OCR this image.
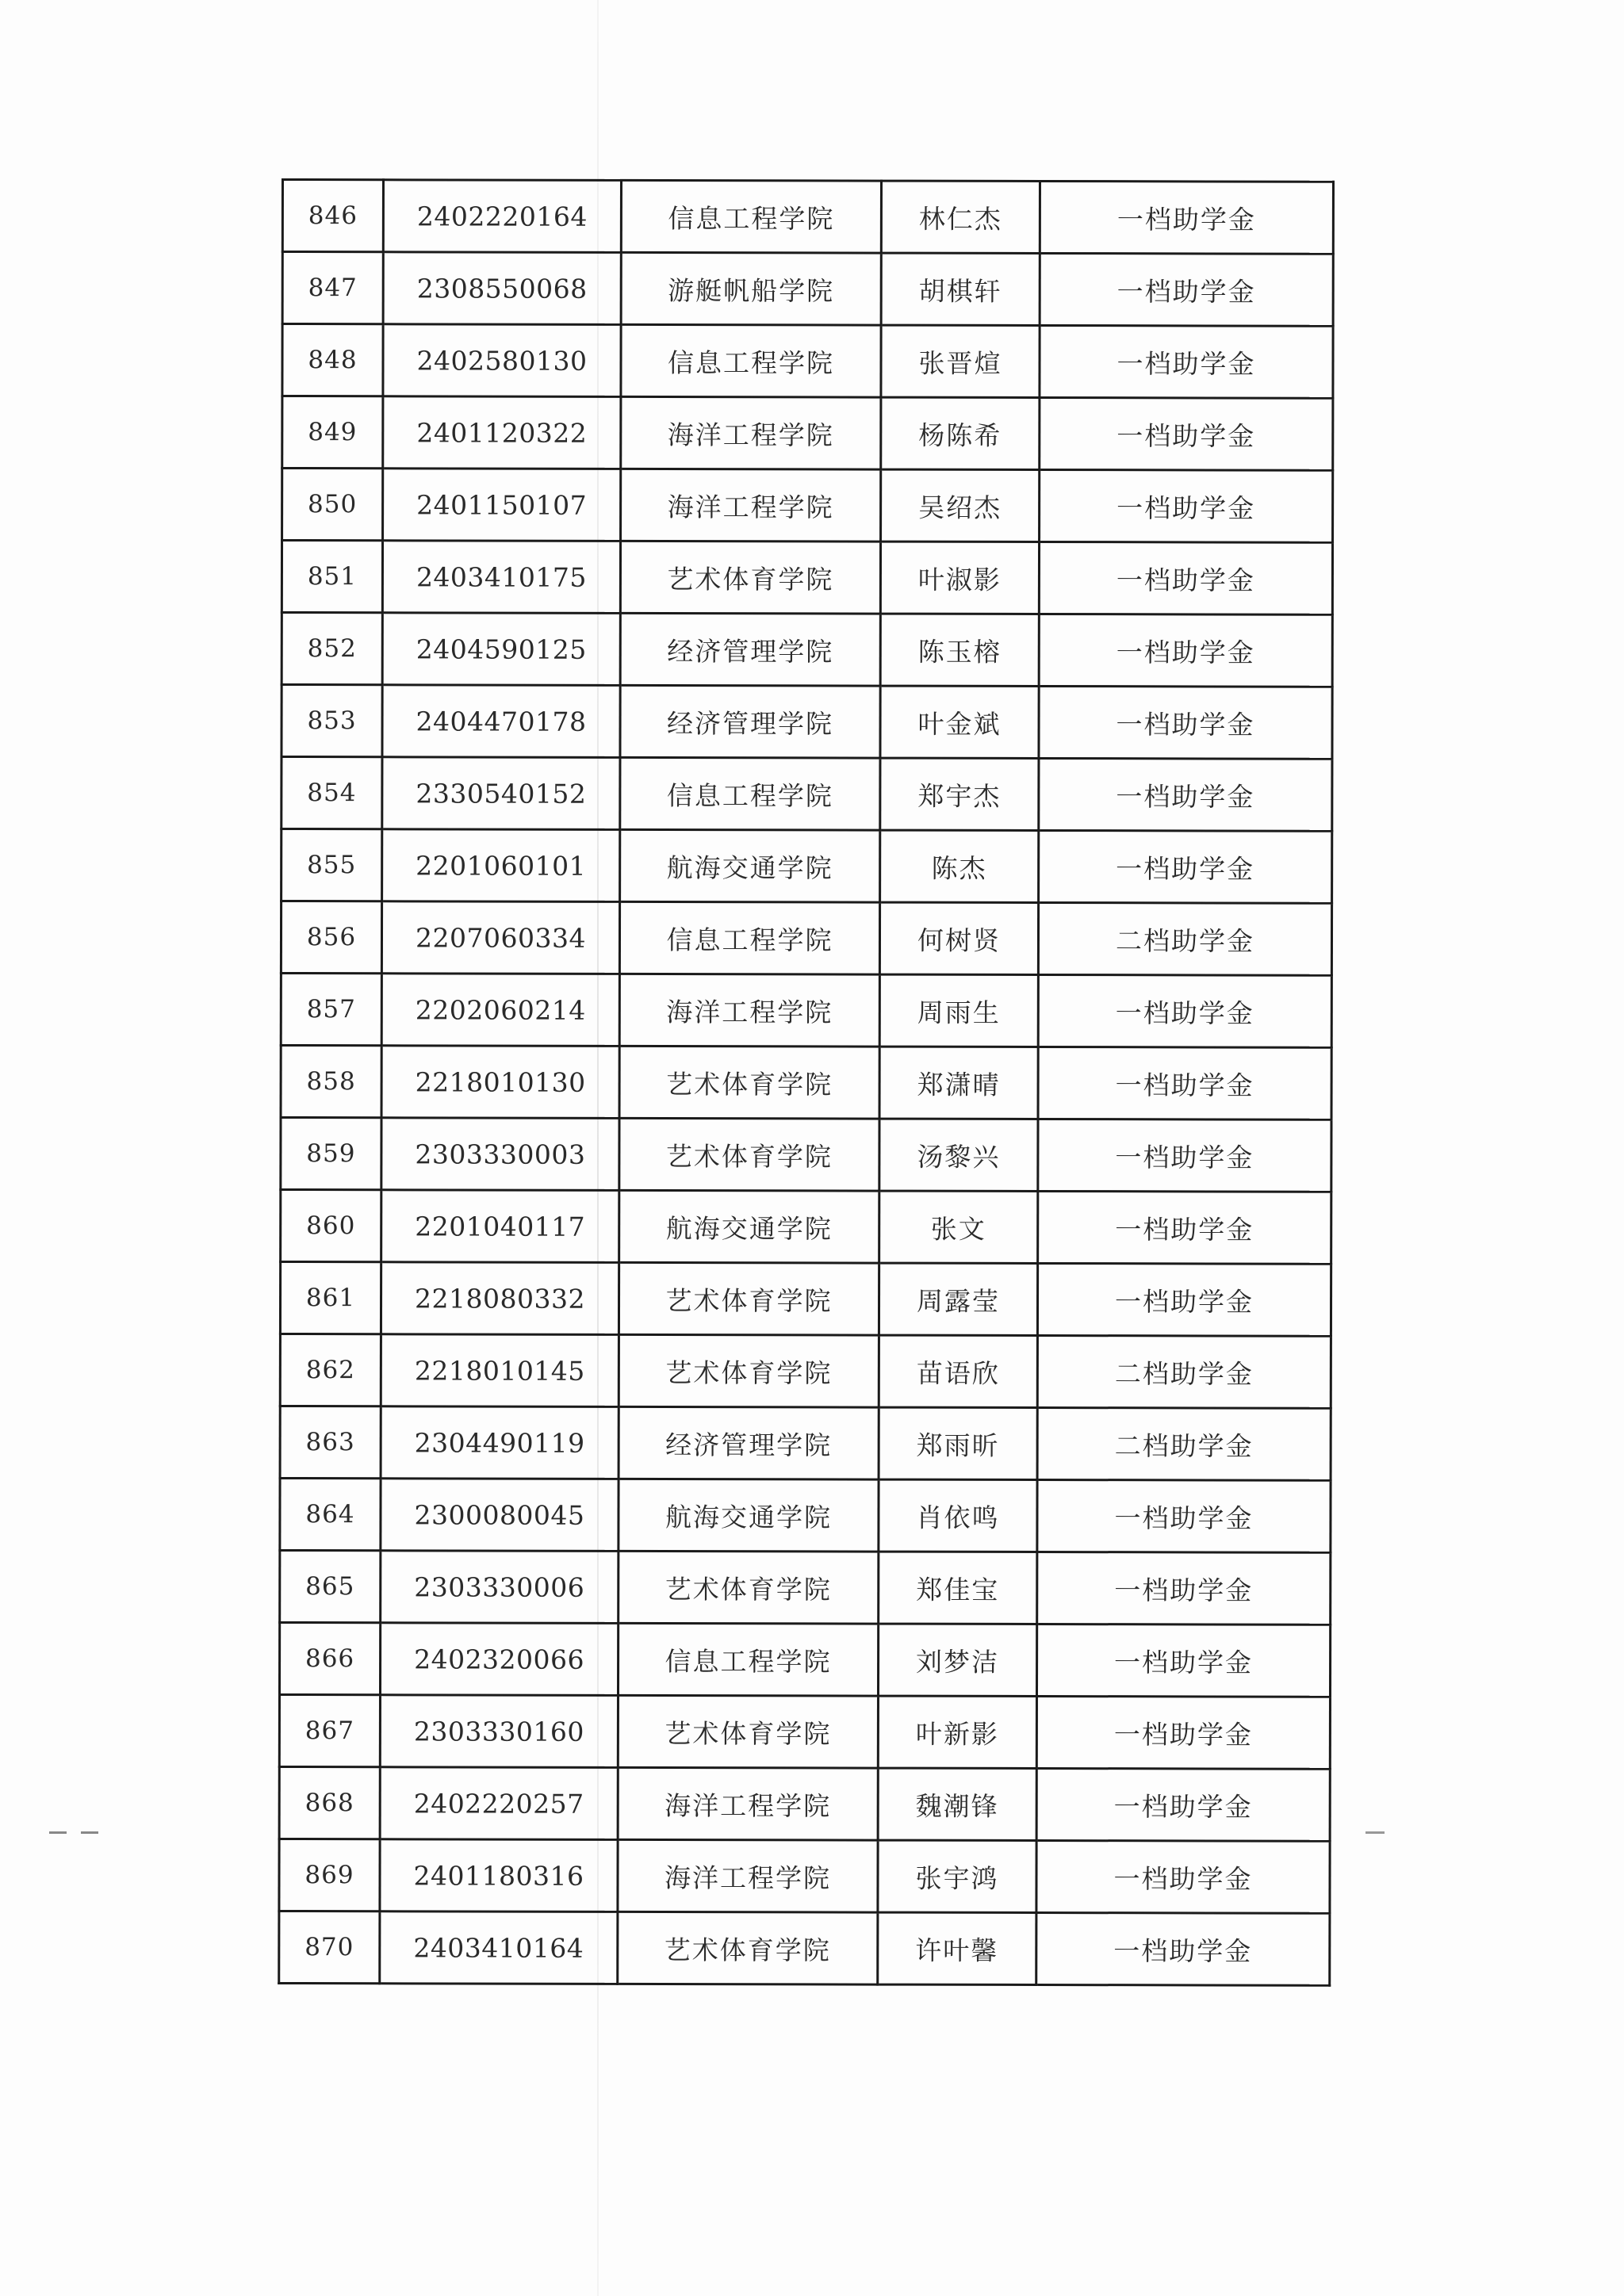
846	2402220164	信息工程学院	林仁杰	一档助学金
847	2308550068	游艇帆船学院	胡棋轩	一档助学金
848	2402580130	信息工程学院	张晋煊	一档助学金
849	2401120322	海洋工程学院	杨陈希	一档助学金
850	2401150107	海洋工程学院	吴绍杰	一档助学金
851	2403410175	艺术体育学院	叶淑影	一档助学金
852	2404590125	经济管理学院	陈玉榕	一档助学金
853	2404470178	经济管理学院	叶金斌	一档助学金
854	2330540152	信息工程学院	郑宇杰	一档助学金
855	2201060101	航海交通学院	陈杰	一档助学金
856	2207060334	信息工程学院	何树贤	二档助学金
857	2202060214	海洋工程学院	周雨生	一档助学金
858	2218010130	艺术体育学院	郑潇晴	一档助学金
859	2303330003	艺术体育学院	汤黎兴	一档助学金
860	2201040117	航海交通学院	张文	一档助学金
861	2218080332	艺术体育学院	周露莹	一档助学金
862	2218010145	艺术体育学院	苗语欣	二档助学金
863	2304490119	经济管理学院	郑雨昕	二档助学金
864	2300080045	航海交通学院	肖依鸣	一档助学金
865	2303330006	艺术体育学院	郑佳宝	一档助学金
866	2402320066	信息工程学院	刘梦洁	一档助学金
867	2303330160	艺术体育学院	叶新影	一档助学金
868	2402220257	海洋工程学院	魏潮锋	一档助学金
869	2401180316	海洋工程学院	张宇鸿	一档助学金
870	2403410164	艺术体育学院	许叶馨	一档助学金
